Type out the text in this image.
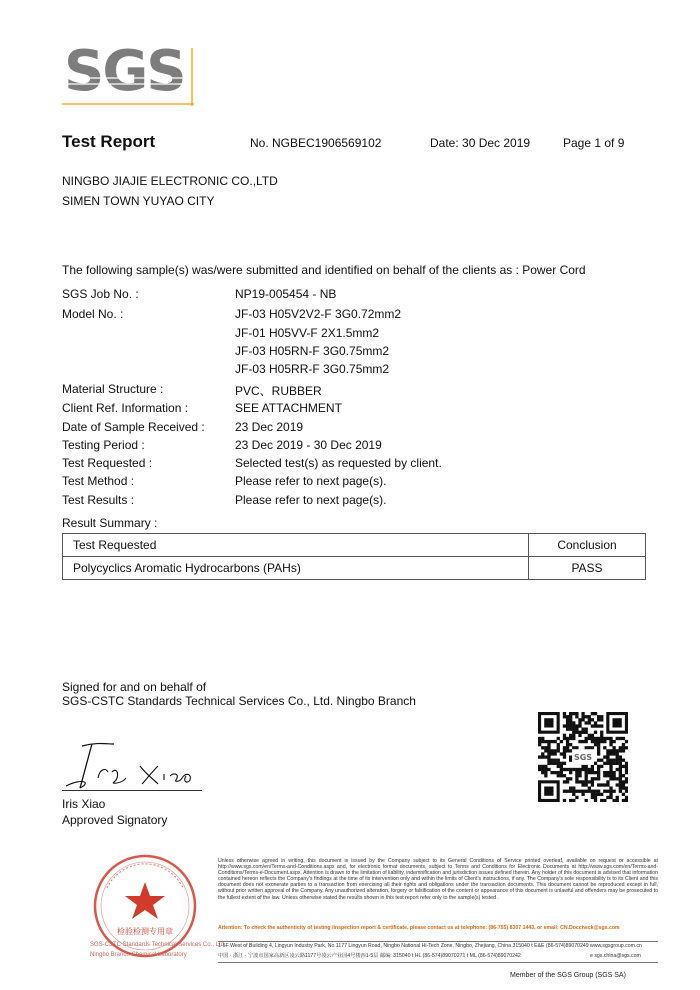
SGS
Test Report	No. NGBEC1906569102	Date: 30 Dec 2019	Page 1 of 9
NINGBO JIAJIE ELECTRONIC CO.,LTD
SIMEN TOWN YUYAO CITY
The following sample(s) was/were submitted and identified on behalf of the clients as : Power Cord
SGS Job No. :	NP19-005454 - NB
Model No. :	JF-03 H05V2V2-F 3G0.72mm2
JF-01 H05VV-F 2X1.5mm2
JF-03 H05RN-F 3G0.75mm2
JF-03 H05RR-F 3G0.75mm2
Material Structure :	PVC、RUBBER
Client Ref. Information :	SEE ATTACHMENT
Date of Sample Received :	23 Dec 2019
Testing Period :	23 Dec 2019 - 30 Dec 2019
Test Requested :	Selected test(s) as requested by client.
Test Method :	Please refer to next page(s).
Test Results :	Please refer to next page(s).
Result Summary :
Test Requested	Conclusion
Polycyclics Aromatic Hydrocarbons (PAHs)	PASS
Signed for and on behalf of
SGS-CSTC Standards Technical Services Co., Ltd. Ningbo Branch
Iris Xiao
Approved Signatory
SGS
检验检测专用章
SGS-CSTC Standards Technical Services Co., Ltd.
Ningbo Branch Chemical Laboratory
Unless otherwise agreed in writing, this document is issued by the Company subject to its General Conditions of Service printed overleaf, available on request or accessible at http://www.sgs.com/en/Terms-and-Conditions.aspx and, for electronic format documents, subject to Terms and Conditions for Electronic Documents at http://www.sgs.com/en/Terms-and-Conditions/Terms-e-Document.aspx. Attention is drawn to the limitation of liability, indemnification and jurisdiction issues defined therein. Any holder of this document is advised that information contained hereon reflects the Company's findings at the time of its intervention only and within the limits of Client's instructions, if any. The Company's sole responsibility is to its Client and this document does not exonerate parties to a transaction from exercising all their rights and obligations under the transaction documents. This document cannot be reproduced except in full, without prior written approval of the Company. Any unauthorized alteration, forgery or falsification of the content or appearance of this document is unlawful and offenders may be prosecuted to the fullest extent of the law. Unless otherwise stated the results shown in this test report refer only to the sample(s) tested .
Attention: To check the authenticity of testing /inspection report & certificate, please contact us at telephone: (86-755) 8307 1443, or email: CN.Doccheck@sgs.com
1-5F West of Building 4, Lingyun Industry Park, No.1177 Lingyun Road, Ningbo National Hi-Tech Zone, Ningbo, Zhejiang, China 315040 t E&E (86-574)89070249 www.sgsgroup.com.cn
中国 · 浙江 · 宁波市国家高新区凌云路1177号凌云产业园4号楼西1-5层 邮编: 315040 t HL (86-574)89070271 t ML (86-574)89070242	e sgs.china@sgs.com
Member of the SGS Group (SGS SA)
